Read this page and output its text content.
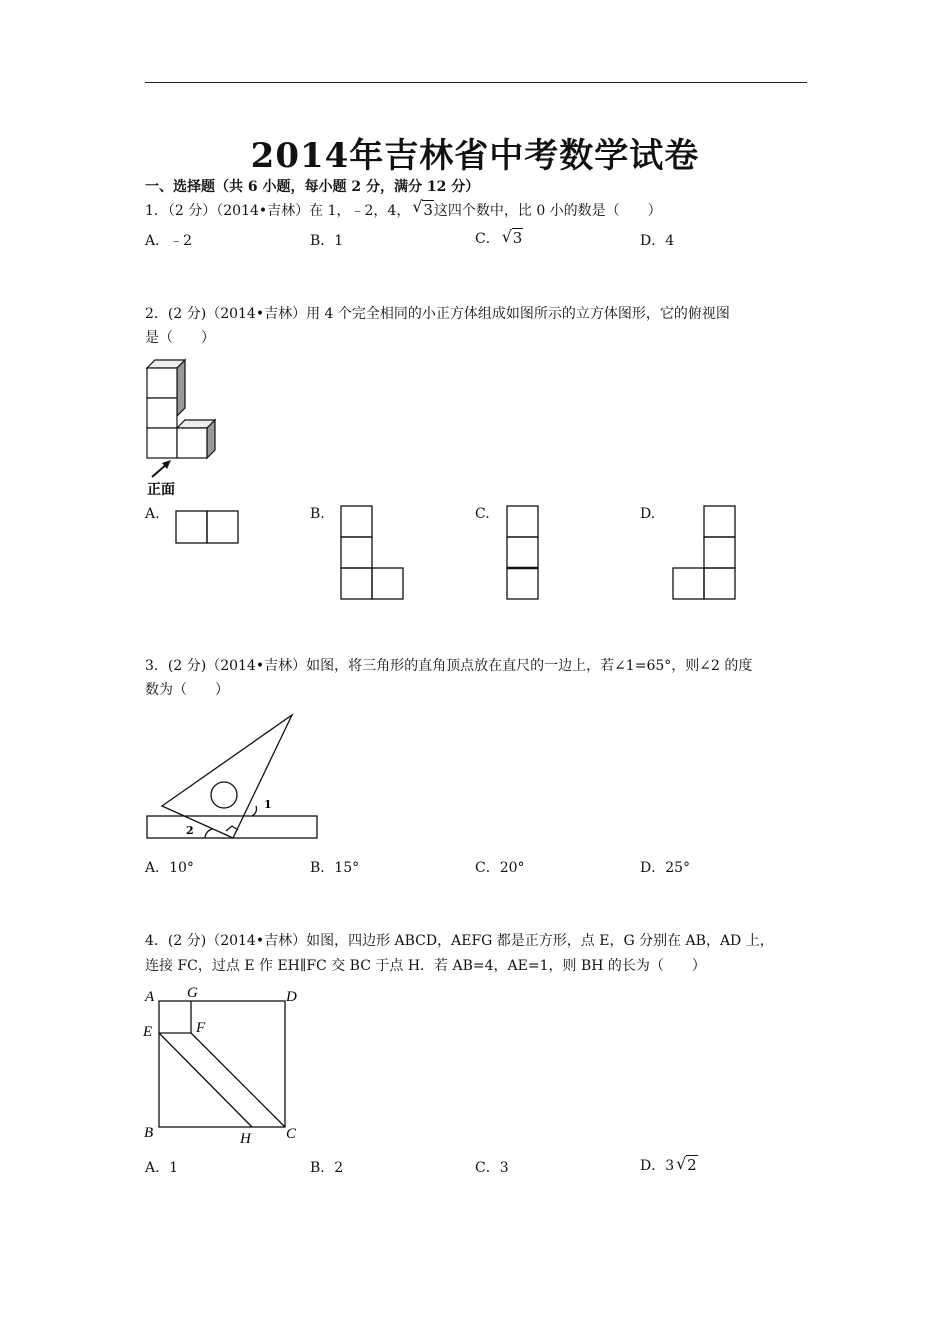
2014年吉林省中考数学试卷
一、选择题（共 6 小题，每小题 2 分，满分 12 分）
1．（2 分）（2014•吉林）在 1，﹣2，4， √ 3这四个数中，比 0 小的数是（　　）
A．﹣2	B．1	C． √ 3	D．4
2．(2 分)（2014•吉林）用 4 个完全相同的小正方体组成如图所示的立方体图形，它的俯视图
是（　　）
正面
A.	B.	C.	D.
3．(2 分)（2014•吉林）如图，将三角形的直角顶点放在直尺的一边上，若∠1=65°，则∠2 的度
数为（　　）
1
2
A．10°	B．15°	C．20°	D．25°
4．(2 分)（2014•吉林）如图，四边形 ABCD，AEFG 都是正方形，点 E，G 分别在 AB，AD 上，
连接 FC，过点 E 作 EH∥FC 交 BC 于点 H．若 AB=4，AE=1，则 BH 的长为（　　）
A G	D
E	F
B	H C
A．1	B．2	C．3	D．3 √ 2
